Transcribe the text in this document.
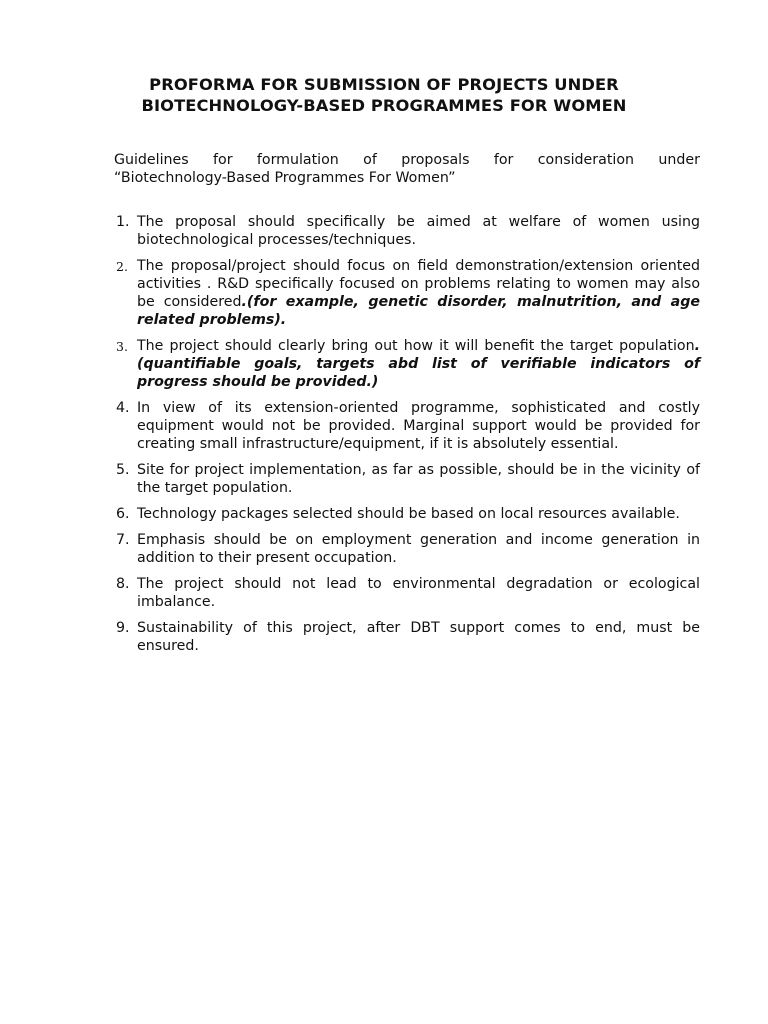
PROFORMA FOR SUBMISSION OF PROJECTS UNDER
BIOTECHNOLOGY-BASED PROGRAMMES FOR WOMEN
Guidelines for formulation of proposals for consideration under
“Biotechnology-Based Programmes For Women”
1. The proposal should specifically be aimed at welfare of women using biotechnological processes/techniques.
2. The proposal/project should focus on field demonstration/extension oriented activities . R&D specifically focused on problems relating to women may also be considered.(for example, genetic disorder, malnutrition, and age related problems).
3. The project should clearly bring out how it will benefit the target population.(quantifiable goals, targets abd list of verifiable indicators of progress should be provided.)
4. In view of its extension-oriented programme, sophisticated and costly equipment would not be provided. Marginal support would be provided for creating small infrastructure/equipment, if it is absolutely essential.
5. Site for project implementation, as far as possible, should be in the vicinity of the target population.
6. Technology packages selected should be based on local resources available.
7. Emphasis should be on employment generation and income generation in addition to their present occupation.
8. The project should not lead to environmental degradation or ecological imbalance.
9. Sustainability of this project, after DBT support comes to end, must be ensured.
